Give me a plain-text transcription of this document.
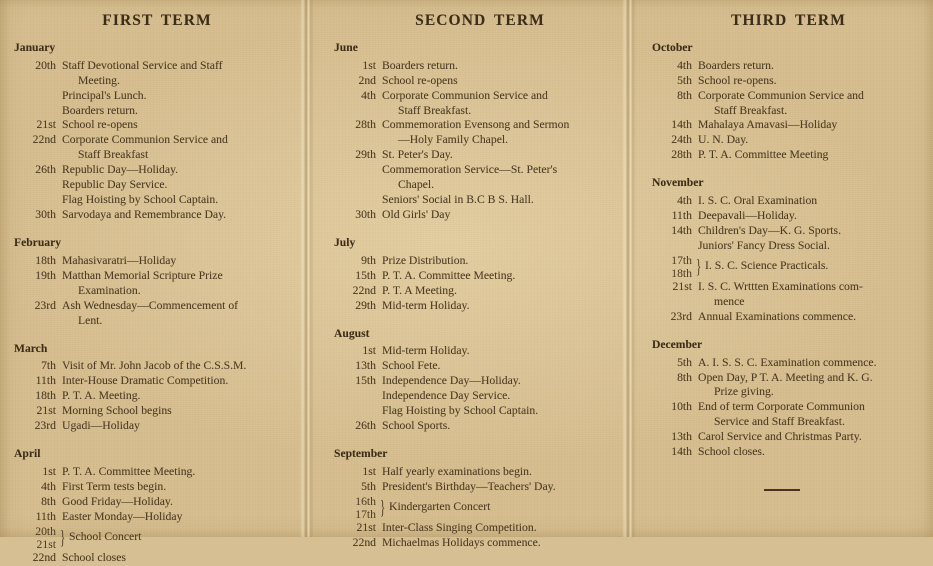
FIRST TERM
January
20th Staff Devotional Service and Staff
Meeting.
Principal's Lunch.
Boarders return.
21st School re-opens
22nd Corporate Communion Service and
Staff Breakfast
26th Republic Day—Holiday.
Republic Day Service.
Flag Hoisting by School Captain.
30th Sarvodaya and Remembrance Day.
February
18th Mahasivaratri—Holiday
19th Matthan Memorial Scripture Prize
Examination.
23rd Ash Wednesday—Commencement of
Lent.
March
7th Visit of Mr. John Jacob of the C.S.S.M.
11th Inter-House Dramatic Competition.
18th P. T. A. Meeting.
21st Morning School begins
23rd Ugadi—Holiday
April
1st P. T. A. Committee Meeting.
4th First Term tests begin.
8th Good Friday—Holiday.
11th Easter Monday—Holiday
20th
21st } School Concert
22nd School closes
SECOND TERM
June
1st Boarders return.
2nd School re-opens
4th Corporate Communion Service and
Staff Breakfast.
28th Commemoration Evensong and Sermon
—Holy Family Chapel.
29th St. Peter's Day.
Commemoration Service—St. Peter's
Chapel.
Seniors' Social in B.C B S. Hall.
30th Old Girls' Day
July
9th Prize Distribution.
15th P. T. A. Committee Meeting.
22nd P. T. A Meeting.
29th Mid-term Holiday.
August
1st Mid-term Holiday.
13th School Fete.
15th Independence Day—Holiday.
Independence Day Service.
Flag Hoisting by School Captain.
26th School Sports.
September
1st Half yearly examinations begin.
5th President's Birthday—Teachers' Day.
16th
17th } Kindergarten Concert
21st Inter-Class Singing Competition.
22nd Michaelmas Holidays commence.
THIRD TERM
October
4th Boarders return.
5th School re-opens.
8th Corporate Communion Service and
Staff Breakfast.
14th Mahalaya Amavasi—Holiday
24th U. N. Day.
28th P. T. A. Committee Meeting
November
4th I. S. C. Oral Examination
11th Deepavali—Holiday.
14th Children's Day—K. G. Sports.
Juniors' Fancy Dress Social.
17th
18th } I. S. C. Science Practicals.
21st I. S. C. Wrttten Examinations com-
mence
23rd Annual Examinations commence.
December
5th A. I. S. S. C. Examination commence.
8th Open Day, P T. A. Meeting and K. G.
Prize giving.
10th End of term Corporate Communion
Service and Staff Breakfast.
13th Carol Service and Christmas Party.
14th School closes.
